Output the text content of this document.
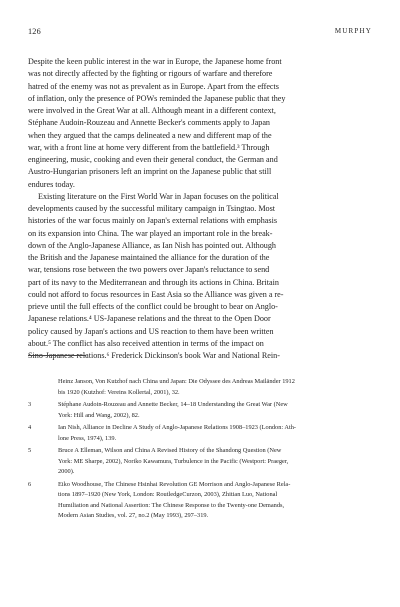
126	MURPHY

Despite the keen public interest in the war in Europe, the Japanese home front
was not directly affected by the fighting or rigours of warfare and therefore
hatred of the enemy was not as prevalent as in Europe. Apart from the effects
of inflation, only the presence of POWs reminded the Japanese public that they
were involved in the Great War at all. Although meant in a different context,
Stéphane Audoin-Rouzeau and Annette Becker's comments apply to Japan
when they argued that the camps delineated a new and different map of the
war, with a front line at home very different from the battlefield.³ Through
engineering, music, cooking and even their general conduct, the German and
Austro-Hungarian prisoners left an imprint on the Japanese public that still
endures today.

Existing literature on the First World War in Japan focuses on the political
developments caused by the successful military campaign in Tsingtao. Most
histories of the war focus mainly on Japan's external relations with emphasis
on its expansion into China. The war played an important role in the break-
down of the Anglo-Japanese Alliance, as Ian Nish has pointed out. Although
the British and the Japanese maintained the alliance for the duration of the
war, tensions rose between the two powers over Japan's reluctance to send
part of its navy to the Mediterranean and through its actions in China. Britain
could not afford to focus resources in East Asia so the Alliance was given a re-
prieve until the full effects of the conflict could be brought to bear on Anglo-
Japanese relations.⁴ US-Japanese relations and the threat to the Open Door
policy caused by Japan's actions and US reaction to them have been written
about.⁵ The conflict has also received attention in terms of the impact on
Sino-Japanese relations.⁶ Frederick Dickinson's book War and National Rein-

Heinz Janson, Von Kutzhof nach China und Japan: Die Odyssee des Andreas Mailänder 1912
bis 1920 (Kutzhof: Vereins Kollertal, 2001), 32.
3	Stéphane Audoin-Rouzeau and Annette Becker, 14–18 Understanding the Great War (New
York: Hill and Wang, 2002), 82.
4	Ian Nish, Alliance in Decline A Study of Anglo-Japanese Relations 1908–1923 (London: Ath-
lone Press, 1974), 139.
5	Bruce A Elleman, Wilson and China A Revised History of the Shandong Question (New
York: ME Sharpe, 2002), Noriko Kawamura, Turbulence in the Pacific (Westport: Praeger,
2000).
6	Eiko Woodhouse, The Chinese Hsinhai Revolution GE Morrison and Anglo-Japanese Rela-
tions 1897–1920 (New York, London: RoutledgeCurzon, 2003), Zhitian Luo, National
Humiliation and National Assertion: The Chinese Response to the Twenty-one Demands,
Modern Asian Studies, vol. 27, no.2 (May 1993), 297–319.
